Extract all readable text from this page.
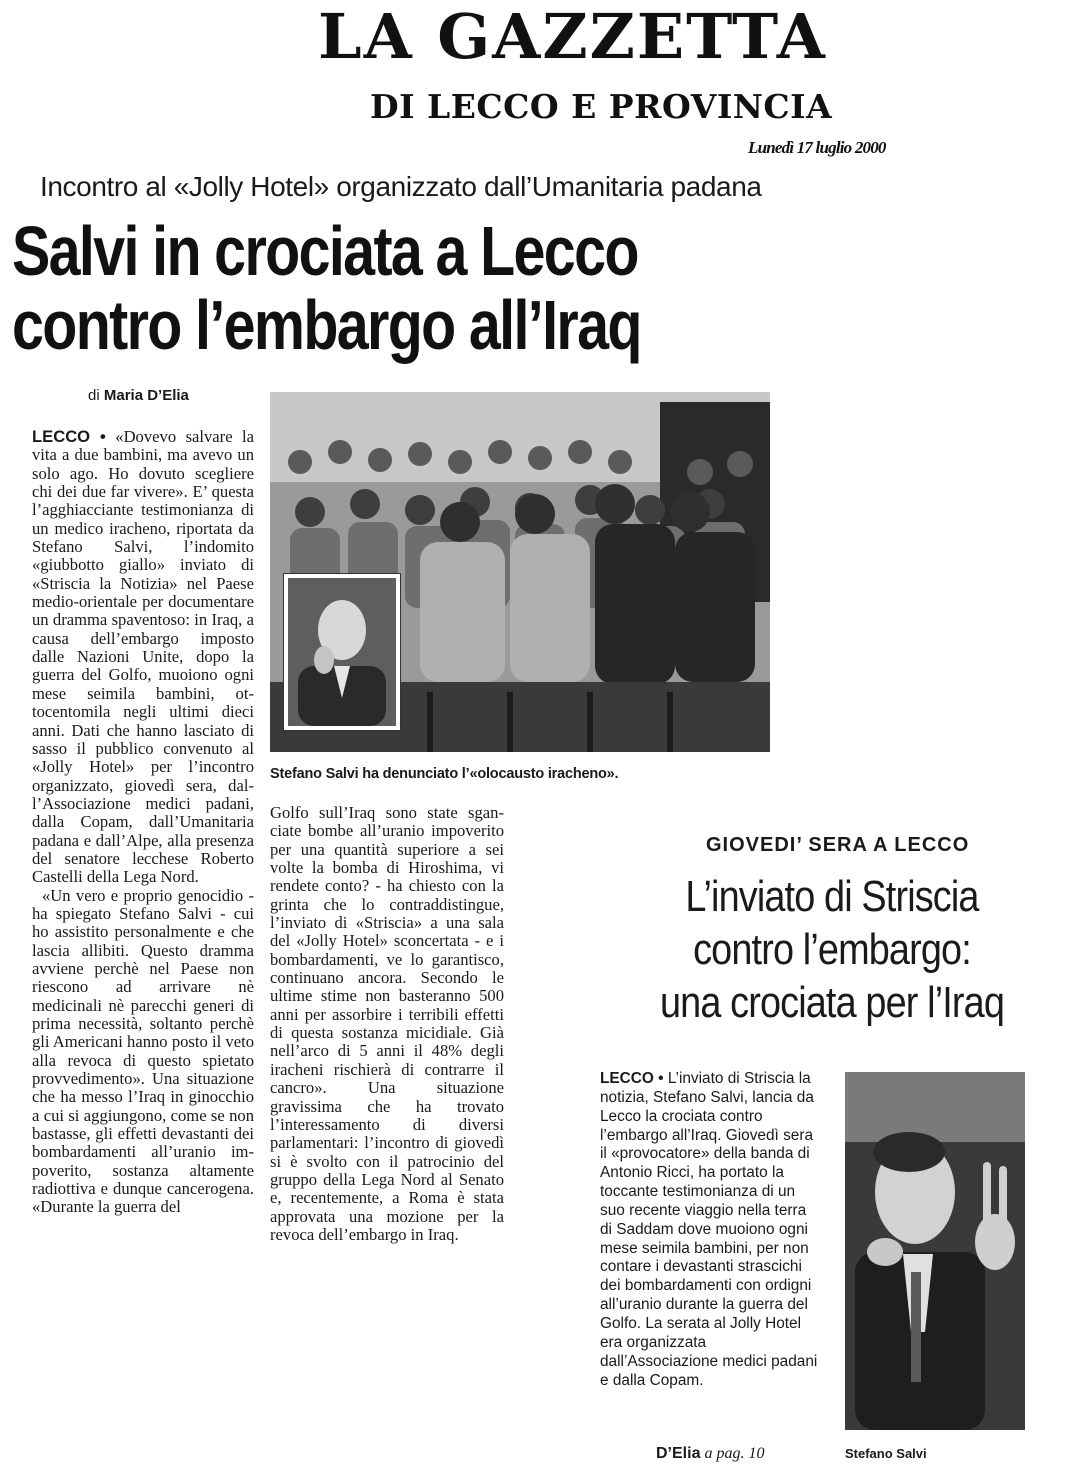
LA GAZZETTA
DI LECCO E PROVINCIA
Lunedì 17 luglio 2000
Incontro al «Jolly Hotel» organizzato dall’Umanitaria padana
Salvi in crociata a Lecco
contro l’embargo all’Iraq
di Maria D’Elia
LECCO • «Dovevo salvare la vita a due bambini, ma avevo un solo ago. Ho dovuto scegliere chi dei due far vivere». E’ questa l’agghiacciante testimonianza di un medico iracheno, riportata da Stefano Salvi, l’indomito «giubbotto giallo» inviato di «Striscia la Notizia» nel Paese medio-orientale per documentare un dramma spaventoso: in Iraq, a causa dell’embargo imposto dalle Nazioni Unite, dopo la guerra del Golfo, muoiono ogni mese seimila bambini, ottocentomila negli ultimi dieci anni. Dati che hanno lasciato di sasso il pubblico convenuto al «Jolly Hotel» per l’incontro organizzato, giovedì sera, dall’Associazione medici padani, dalla Copam, dall’Umanitaria padana e dall’Alpe, alla presenza del senatore lecchese Roberto Castelli della Lega Nord.
«Un vero e proprio genocidio - ha spiegato Stefano Salvi - cui ho assistito personalmente e che lascia allibiti. Questo dramma avviene perchè nel Paese non riescono ad arrivare nè medicinali nè parecchi generi di prima necessità, soltanto perchè gli Americani hanno posto il veto alla revoca di questo spietato provvedimento». Una situazione che ha messo l’Iraq in ginocchio a cui si aggiungono, come se non bastasse, gli effetti devastanti dei bombardamenti all’uranio impoverito, sostanza altamente radiottiva e dunque cancerogena. «Durante la guerra del
Stefano Salvi ha denunciato l’«olocausto iracheno».
Golfo sull’Iraq sono state sganciate bombe all’uranio impoverito per una quantità superiore a sei volte la bomba di Hiroshima, vi rendete conto? - ha chiesto con la grinta che lo contraddistingue, l’inviato di «Striscia» a una sala del «Jolly Hotel» sconcertata - e i bombardamenti, ve lo garantisco, continuano ancora. Secondo le ultime stime non basteranno 500 anni per assorbire i terribili effetti di questa sostanza micidiale. Già nell’arco di 5 anni il 48% degli iracheni rischierà di contrarre il cancro». Una situazione gravissima che ha trovato l’interessamento di diversi parlamentari: l’incontro di giovedì si è svolto con il patrocinio del gruppo della Lega Nord al Senato e, recentemente, a Roma è stata approvata una mozione per la revoca dell’embargo in Iraq.
GIOVEDI’ SERA A LECCO
L’inviato di Striscia
contro l’embargo:
una crociata per l’Iraq
LECCO • L’inviato di Striscia la notizia, Stefano Salvi, lancia da Lecco la crociata contro l’embargo all’Iraq. Giovedì sera il «provocatore» della banda di Antonio Ricci, ha portato la toccante testimonianza di un suo recente viaggio nella terra di Saddam dove muoiono ogni mese seimila bambini, per non contare i devastanti strascichi dei bombardamenti con ordigni all’uranio durante la guerra del Golfo. La serata al Jolly Hotel era organizzata dall’Associazione medici padani e dalla Copam.
D’Elia a pag. 10	Stefano Salvi
